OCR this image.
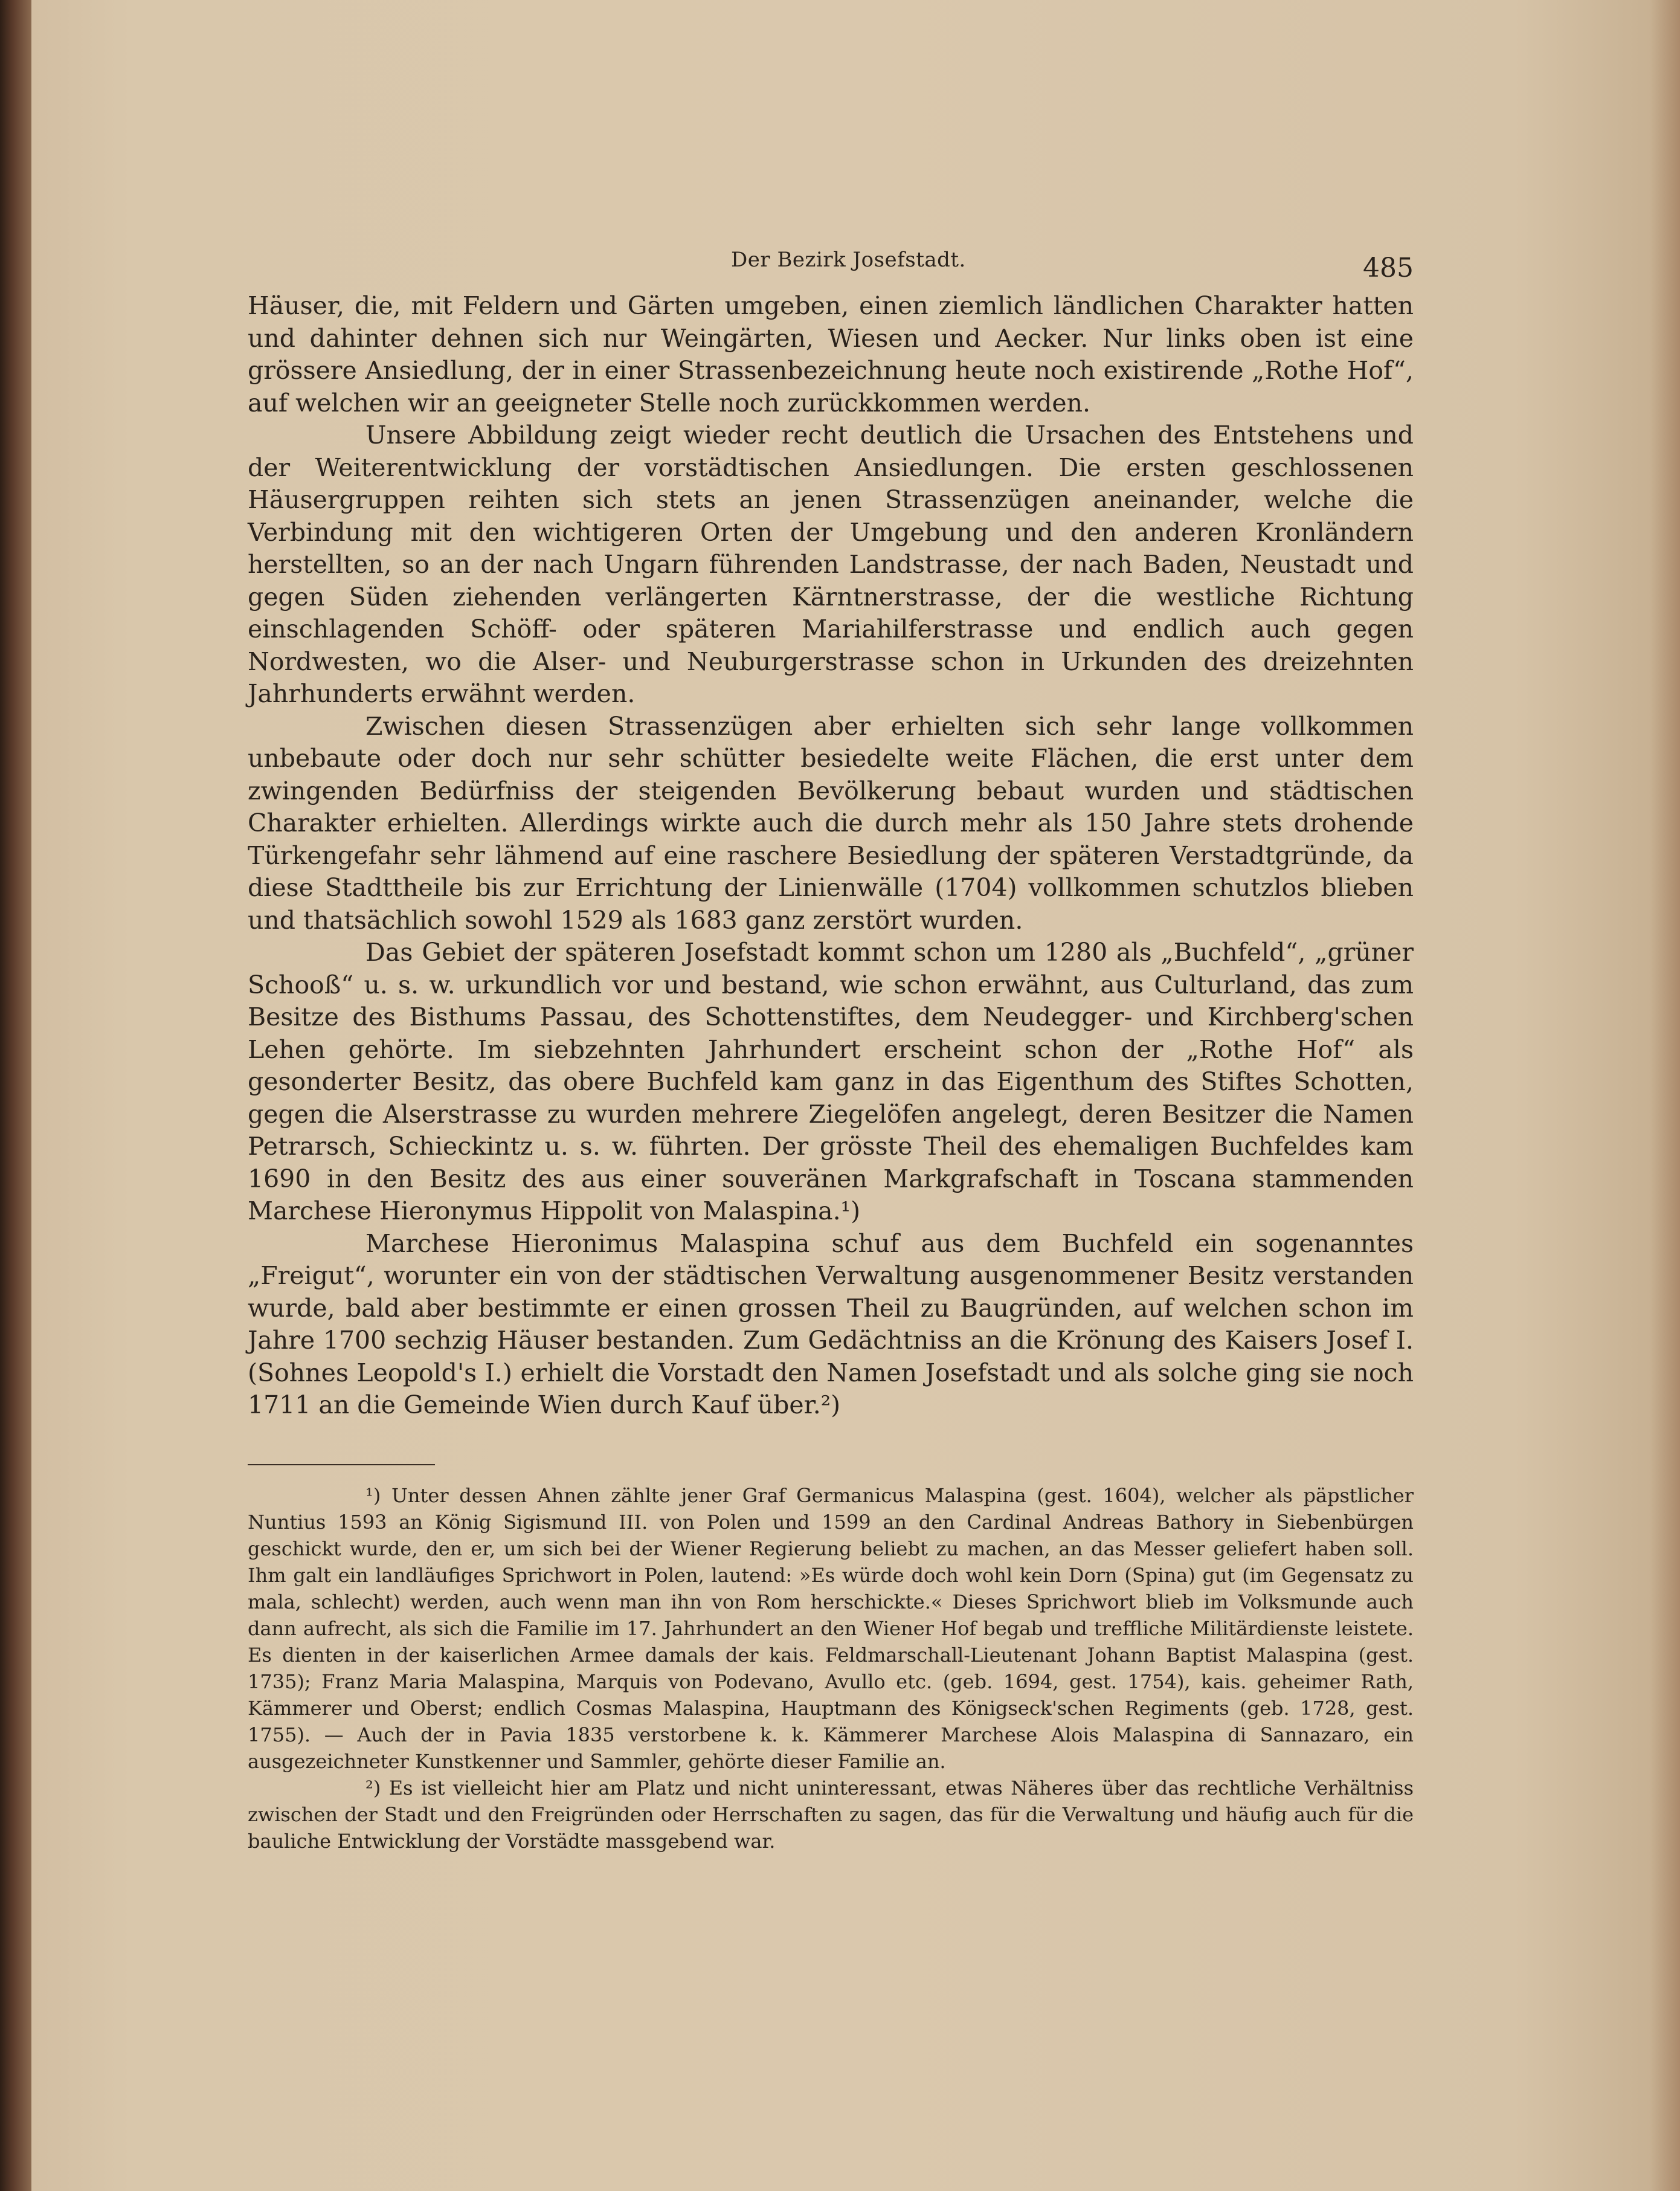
Der Bezirk Josefstadt.	485

Häuser, die, mit Feldern und Gärten umgeben, einen ziemlich ländlichen Charakter hatten und dahinter dehnen sich nur Weingärten, Wiesen und Aecker. Nur links oben ist eine grössere Ansiedlung, der in einer Strassenbezeichnung heute noch existirende „Rothe Hof“, auf welchen wir an geeigneter Stelle noch zurückkommen werden.

Unsere Abbildung zeigt wieder recht deutlich die Ursachen des Entstehens und der Weiterentwicklung der vorstädtischen Ansiedlungen. Die ersten geschlossenen Häusergruppen reihten sich stets an jenen Strassenzügen aneinander, welche die Verbindung mit den wichtigeren Orten der Umgebung und den anderen Kronländern herstellten, so an der nach Ungarn führenden Landstrasse, der nach Baden, Neustadt und gegen Süden ziehenden verlängerten Kärntnerstrasse, der die westliche Richtung einschlagenden Schöff- oder späteren Mariahilferstrasse und endlich auch gegen Nordwesten, wo die Alser- und Neuburgerstrasse schon in Urkunden des dreizehnten Jahrhunderts erwähnt werden.

Zwischen diesen Strassenzügen aber erhielten sich sehr lange vollkommen unbebaute oder doch nur sehr schütter besiedelte weite Flächen, die erst unter dem zwingenden Bedürfniss der steigenden Bevölkerung bebaut wurden und städtischen Charakter erhielten. Allerdings wirkte auch die durch mehr als 150 Jahre stets drohende Türkengefahr sehr lähmend auf eine raschere Besiedlung der späteren Verstadtgründe, da diese Stadttheile bis zur Errichtung der Linienwälle (1704) vollkommen schutzlos blieben und thatsächlich sowohl 1529 als 1683 ganz zerstört wurden.

Das Gebiet der späteren Josefstadt kommt schon um 1280 als „Buchfeld“, „grüner Schooß“ u. s. w. urkundlich vor und bestand, wie schon erwähnt, aus Culturland, das zum Besitze des Bisthums Passau, des Schottenstiftes, dem Neudegger- und Kirchberg'schen Lehen gehörte. Im siebzehnten Jahrhundert erscheint schon der „Rothe Hof“ als gesonderter Besitz, das obere Buchfeld kam ganz in das Eigenthum des Stiftes Schotten, gegen die Alserstrasse zu wurden mehrere Ziegelöfen angelegt, deren Besitzer die Namen Petrarsch, Schieckintz u. s. w. führten. Der grösste Theil des ehemaligen Buchfeldes kam 1690 in den Besitz des aus einer souveränen Markgrafschaft in Toscana stammenden Marchese Hieronymus Hippolit von Malaspina.¹)

Marchese Hieronimus Malaspina schuf aus dem Buchfeld ein sogenanntes „Freigut“, worunter ein von der städtischen Verwaltung ausgenommener Besitz verstanden wurde, bald aber bestimmte er einen grossen Theil zu Baugründen, auf welchen schon im Jahre 1700 sechzig Häuser bestanden. Zum Gedächtniss an die Krönung des Kaisers Josef I. (Sohnes Leopold's I.) erhielt die Vorstadt den Namen Josefstadt und als solche ging sie noch 1711 an die Gemeinde Wien durch Kauf über.²)

¹) Unter dessen Ahnen zählte jener Graf Germanicus Malaspina (gest. 1604), welcher als päpstlicher Nuntius 1593 an König Sigismund III. von Polen und 1599 an den Cardinal Andreas Bathory in Siebenbürgen geschickt wurde, den er, um sich bei der Wiener Regierung beliebt zu machen, an das Messer geliefert haben soll. Ihm galt ein landläufiges Sprichwort in Polen, lautend: »Es würde doch wohl kein Dorn (Spina) gut (im Gegensatz zu mala, schlecht) werden, auch wenn man ihn von Rom herschickte.« Dieses Sprichwort blieb im Volksmunde auch dann aufrecht, als sich die Familie im 17. Jahrhundert an den Wiener Hof begab und treffliche Militärdienste leistete. Es dienten in der kaiserlichen Armee damals der kais. Feldmarschall-Lieutenant Johann Baptist Malaspina (gest. 1735); Franz Maria Malaspina, Marquis von Podevano, Avullo etc. (geb. 1694, gest. 1754), kais. geheimer Rath, Kämmerer und Oberst; endlich Cosmas Malaspina, Hauptmann des Königseck'schen Regiments (geb. 1728, gest. 1755). — Auch der in Pavia 1835 verstorbene k. k. Kämmerer Marchese Alois Malaspina di Sannazaro, ein ausgezeichneter Kunstkenner und Sammler, gehörte dieser Familie an.

²) Es ist vielleicht hier am Platz und nicht uninteressant, etwas Näheres über das rechtliche Verhältniss zwischen der Stadt und den Freigründen oder Herrschaften zu sagen, das für die Verwaltung und häufig auch für die bauliche Entwicklung der Vorstädte massgebend war.
